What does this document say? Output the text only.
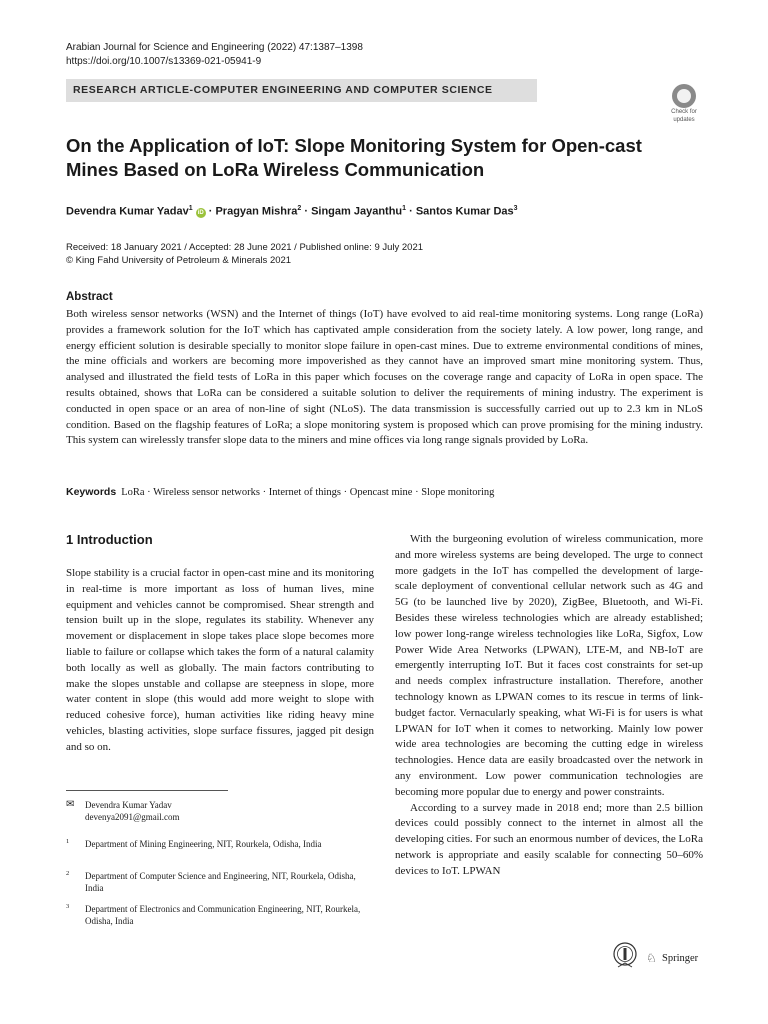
Arabian Journal for Science and Engineering (2022) 47:1387–1398
https://doi.org/10.1007/s13369-021-05941-9
RESEARCH ARTICLE-COMPUTER ENGINEERING AND COMPUTER SCIENCE
Check for
updates
On the Application of IoT: Slope Monitoring System for Open-cast Mines Based on LoRa Wireless Communication
Devendra Kumar Yadav$^1$ iD · Pragyan Mishra$^2$ · Singam Jayanthu$^1$ · Santos Kumar Das$^3$
Received: 18 January 2021 / Accepted: 28 June 2021 / Published online: 9 July 2021
© King Fahd University of Petroleum & Minerals 2021
Abstract
Both wireless sensor networks (WSN) and the Internet of things (IoT) have evolved to aid real-time monitoring systems. Long range (LoRa) provides a framework solution for the IoT which has captivated ample consideration from the society lately. A low power, long range, and energy efficient solution is desirable specially to monitor slope failure in open-cast mines. Due to extreme environmental conditions of mines, the mine officials and workers are becoming more impoverished as they cannot have an improved smart mine monitoring system. Thus, analysed and illustrated the field tests of LoRa in this paper which focuses on the coverage range and capacity of LoRa in open space. The results obtained, shows that LoRa can be considered a suitable solution to deliver the requirements of mining industry. The experiment is conducted in open space or an area of non-line of sight (NLoS). The data transmission is successfully carried out up to 2.3 km in NLoS condition. Based on the flagship features of LoRa; a slope monitoring system is proposed which can prove promising for the mining industry. This system can wirelessly transfer slope data to the miners and mine offices via long range signals provided by LoRa.
Keywords LoRa · Wireless sensor networks · Internet of things · Opencast mine · Slope monitoring
1 Introduction
Slope stability is a crucial factor in open-cast mine and its monitoring in real-time is more important as loss of human lives, mine equipment and vehicles cannot be compromised. Shear strength and tension built up in the slope, regulates its stability. Whenever any movement or displacement in slope takes place slope becomes more liable to failure or collapse which takes the form of a natural calamity both locally as well as globally. The main factors contributing to make the slopes unstable and collapse are steepness in slope, more water content in slope (this would add more weight to slope with reduced cohesive force), human activities like riding heavy mine vehicles, blasting activities, slope surface fissures, jagged pit design and so on.
✉ Devendra Kumar Yadav
devenya2091@gmail.com
1 Department of Mining Engineering, NIT, Rourkela, Odisha, India
2 Department of Computer Science and Engineering, NIT, Rourkela, Odisha, India
3 Department of Electronics and Communication Engineering, NIT, Rourkela, Odisha, India

With the burgeoning evolution of wireless communication, more and more wireless systems are being developed. The urge to connect more gadgets in the IoT has compelled the development of large-scale deployment of conventional cellular network such as 4G and 5G (to be launched live by 2020), ZigBee, Bluetooth, and Wi-Fi. Besides these wireless technologies which are already established; low power long-range wireless technologies like LoRa, Sigfox, Low Power Wide Area Networks (LPWAN), LTE-M, and NB-IoT are emergently interrupting IoT. But it faces cost constraints for set-up and needs complex infrastructure installation. Therefore, another technology known as LPWAN comes to its rescue in terms of link-budget factor. Vernacularly speaking, what Wi-Fi is for users is what LPWAN for IoT when it comes to networking. Mainly low power wide area technologies are becoming the cutting edge in wireless technologies. Hence data are easily broadcasted over the network in any environment. Low power communication technologies are becoming more popular due to energy and power constraints.

According to a survey made in 2018 end; more than 2.5 billion devices could possibly connect to the internet in almost all the developing cities. For such an enormous number of devices, the LoRa network is appropriate and easily scalable for connecting 50–60% devices to IoT. LPWAN

♘ Springer
